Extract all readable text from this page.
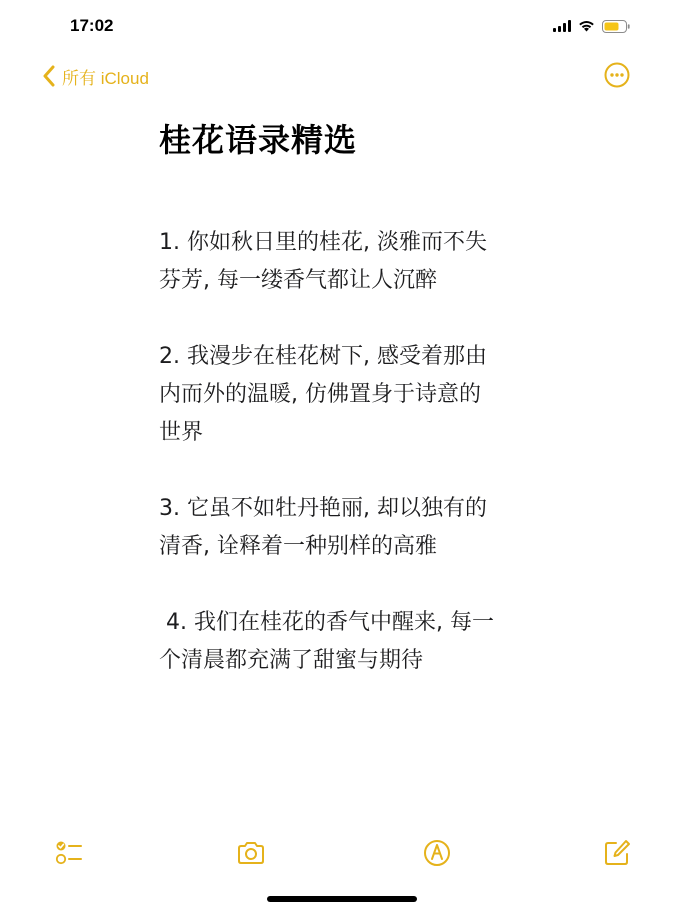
17:02
所有 iCloud
桂花语录精选

1. 你如秋日里的桂花, 淡雅而不失
芬芳, 每一缕香气都让人沉醉

2. 我漫步在桂花树下, 感受着那由
内而外的温暖, 仿佛置身于诗意的
世界

3. 它虽不如牡丹艳丽, 却以独有的
清香, 诠释着一种别样的高雅

4. 我们在桂花的香气中醒来, 每一
个清晨都充满了甜蜜与期待
